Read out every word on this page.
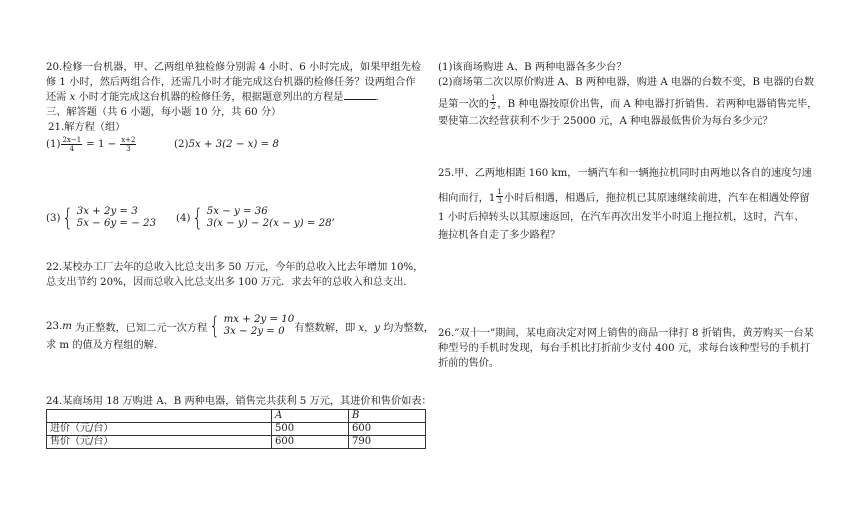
20.检修一台机器，甲、乙两组单独检修分别需 4 小时、6 小时完成，如果甲组先检
修 1 小时，然后两组合作，还需几小时才能完成这台机器的检修任务？设两组合作
还需 x 小时才能完成这台机器的检修任务，根据题意列出的方程是	.
三、解答题（共 6 小题，每小题 10 分，共 60 分）
21.解方程（组）
$(1) \frac{2x-1}{4} = 1 - \frac{x+2}{3}$	(2) 5x + 3(2 − x) = 8
(3) { 3x + 2y = 3
5x − 6y = − 23 (4) { 5x − y = 36
3(x − y) − 2(x − y) = 28’
22.某校办工厂去年的总收入比总支出多 50 万元，今年的总收入比去年增加 10%，
总支出节约 20%，因而总收入比总支出多 100 万元．求去年的总收入和总支出．
23. m 为正整数，已知二元一次方程 { mx + 2y = 10
3x − 2y = 0 有整数解，即 x，y 均为整数，
求 m 的值及方程组的解.
24.某商场用 18 万购进 A、B 两种电器，销售完共获利 5 万元，其进价和售价如表：
	A	B
进价（元/台）	500	600
售价（元/台）	600	790
(1)该商场购进 A、B 两种电器各多少台？
(2)商场第二次以原价购进 A、B 两种电器，购进 A 电器的台数不变，B 电器的台数
是第一次的 $\frac{1}{2}$ ，B 种电器按原价出售，而 A 种电器打折销售．若两种电器销售完毕，
要使第二次经营获利不少于 25000 元，A 种电器最低售价为每台多少元？
25.甲、乙两地相距 160 km，一辆汽车和一辆拖拉机同时由两地以各自的速度匀速
相向而行，$1 \frac{1}{3}$ 小时后相遇，相遇后，拖拉机已其原速继续前进，汽车在相遇处停留
1 小时后掉转头以其原速返回，在汽车再次出发半小时追上拖拉机，这时，汽车、
拖拉机各自走了多少路程？
26.”双十一”期间，某电商决定对网上销售的商品一律打 8 折销售，黄芳购买一台某
种型号的手机时发现，每台手机比打折前少支付 400 元，求每台该种型号的手机打
折前的售价。
